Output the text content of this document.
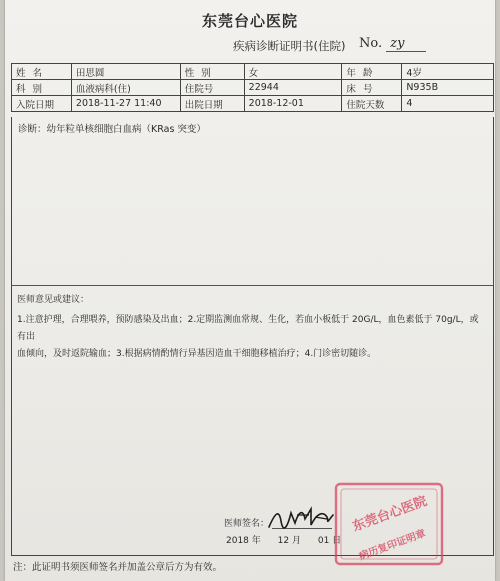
东莞台心医院
疾病诊断证明书(住院) No. zy
姓 名	田思圆	性 别	女	年 龄	4岁
科 别	血液病科(住)	住院号	22944	床 号	N935B
入院日期	2018-11-27 11:40	出院日期	2018-12-01	住院天数	4
诊断：幼年粒单核细胞白血病（KRas 突变）
医师意见或建议：
1.注意护理，合理喂养，预防感染及出血；2.定期监测血常规、生化，若血小板低于 20G/L，血色素低于 70g/L，或有出
血倾向，及时返院输血；3.根据病情酌情行异基因造血干细胞移植治疗；4.门诊密切随诊。
医师签名：
2018 年 12 月 01 日
东莞台心医院
病历复印证明章
注：此证明书须医师签名并加盖公章后方为有效。
